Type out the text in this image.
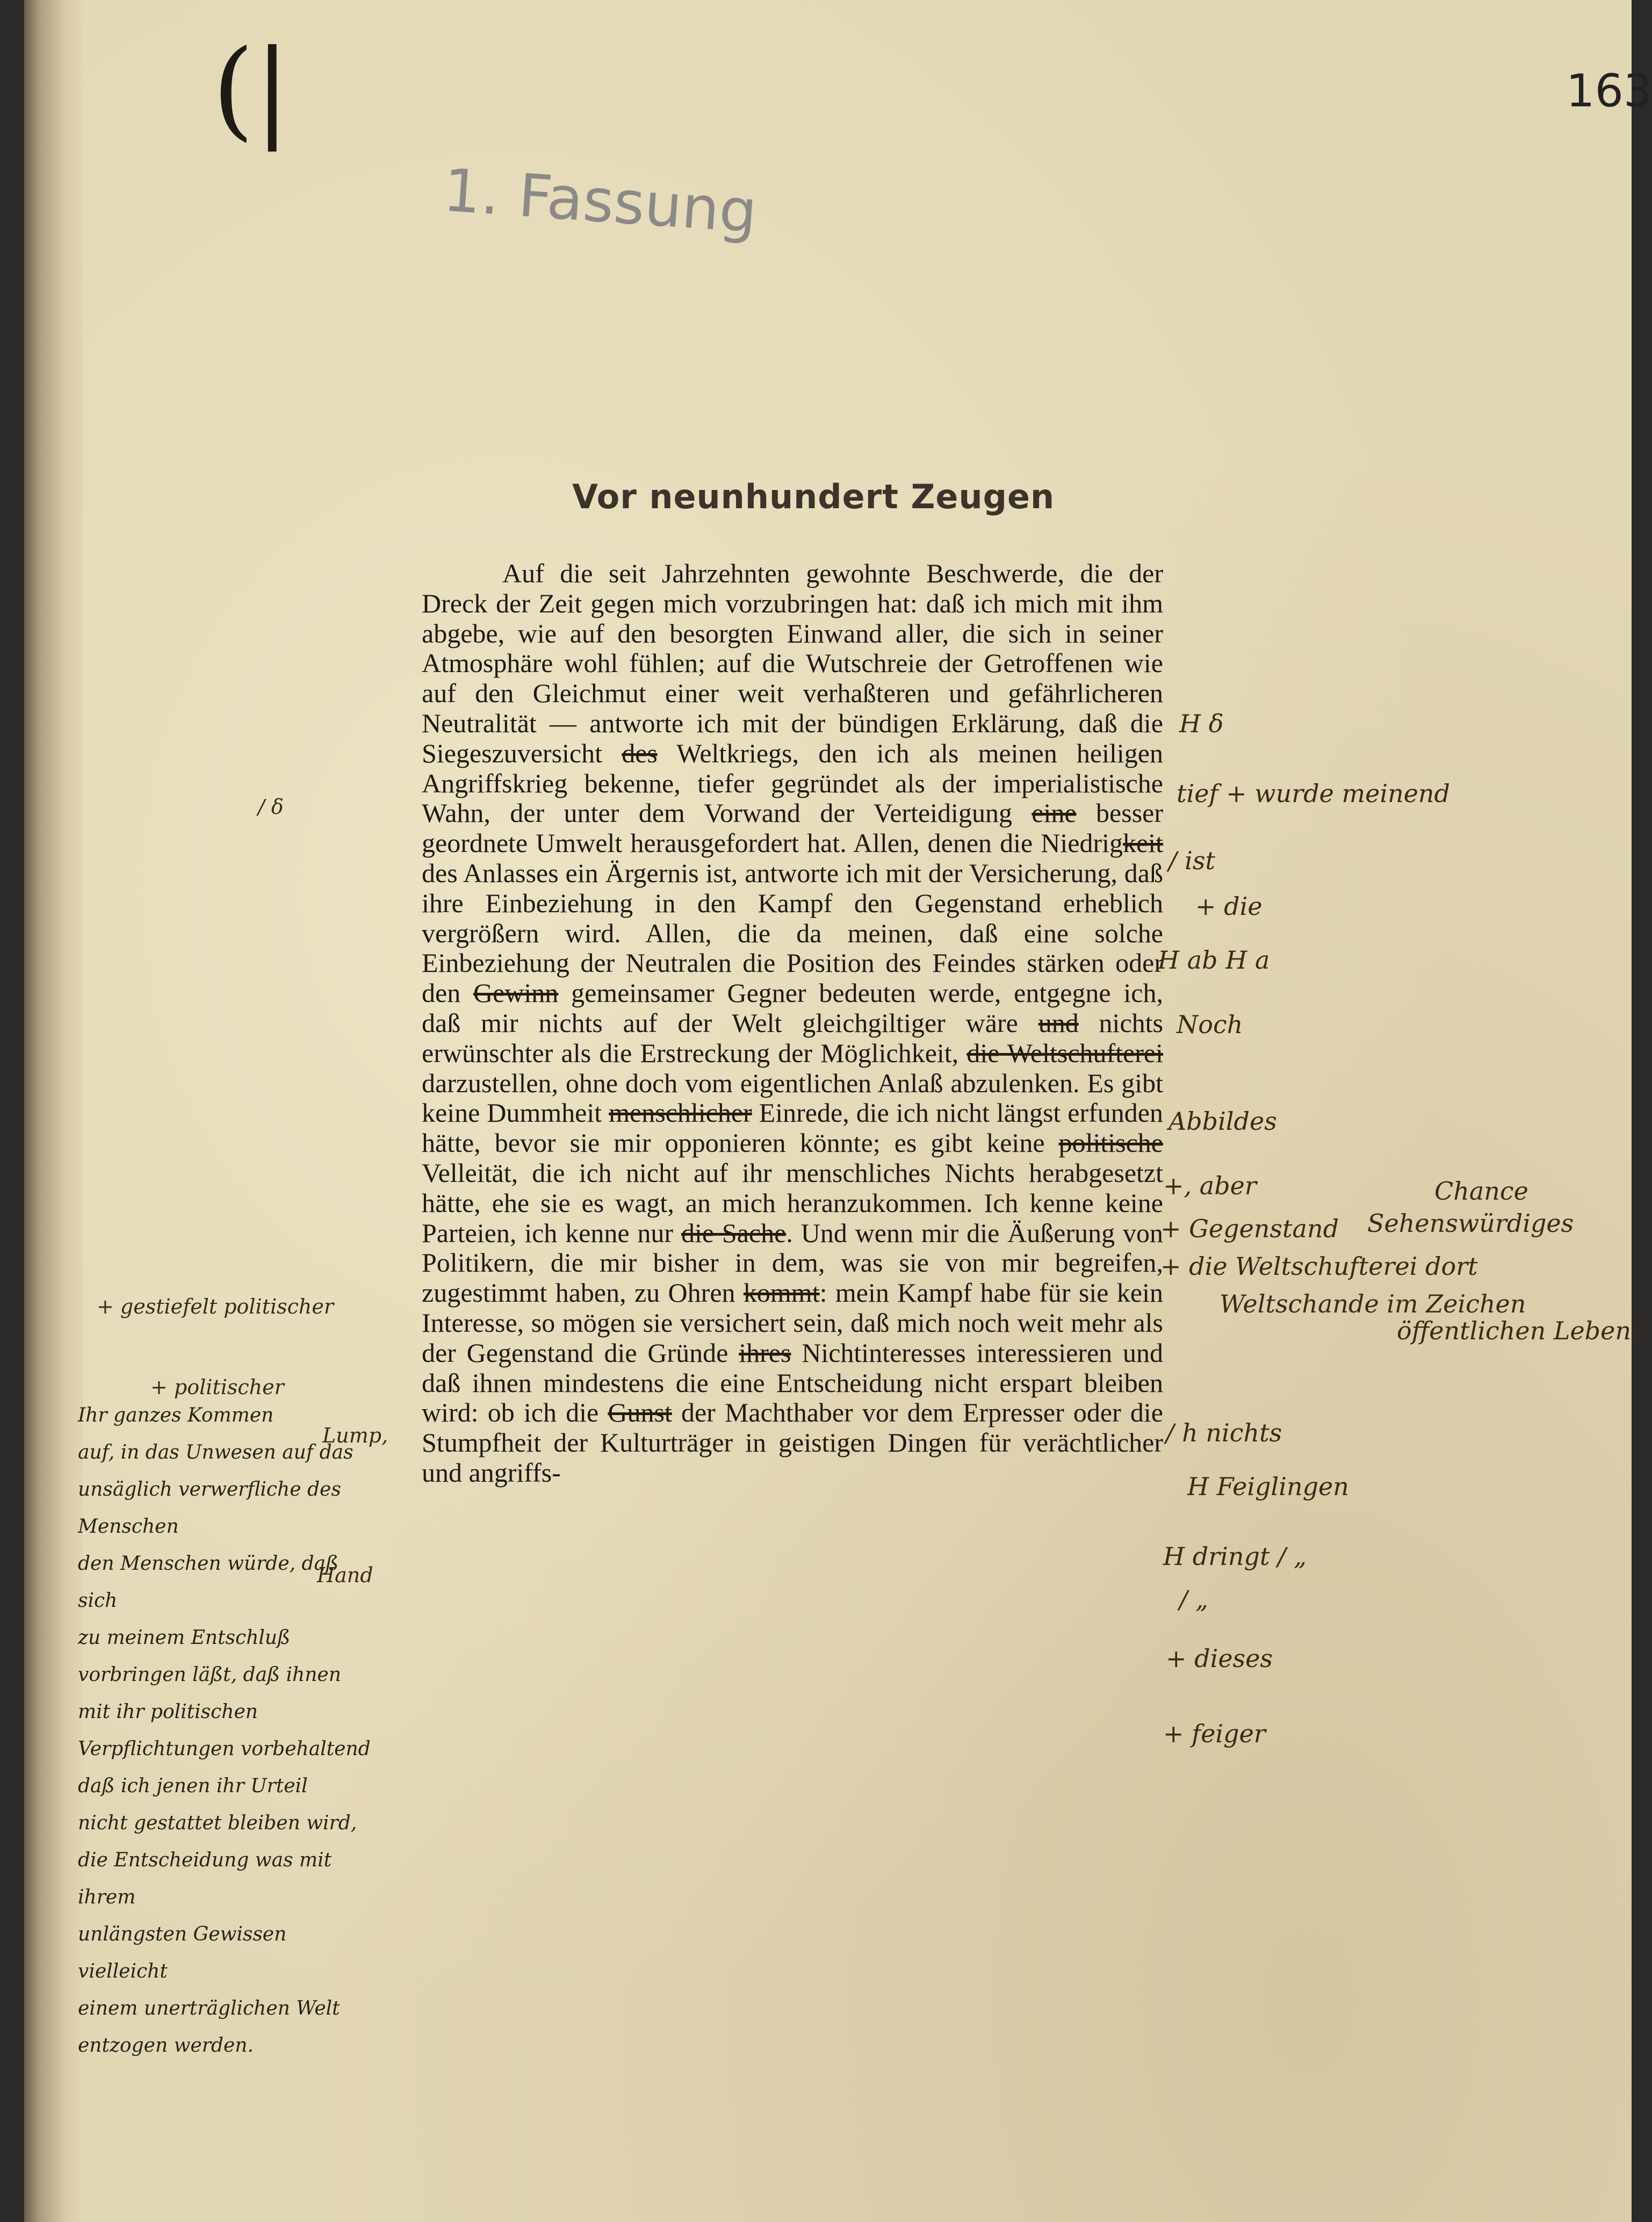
163
(|
1. Fassung
Vor neunhundert Zeugen
Auf die seit Jahrzehnten gewohnte Beschwerde, die der Dreck der Zeit gegen mich vorzubringen hat: daß ich mich mit ihm abgebe, wie auf den besorgten Einwand aller, die sich in seiner Atmosphäre wohl fühlen; auf die Wutschreie der Getroffenen wie auf den Gleichmut einer weit verhaßteren und gefährlicheren Neutralität — antworte ich mit der bündigen Erklärung, daß die Siegeszuversicht des Weltkriegs, den ich als meinen heiligen Angriffskrieg bekenne, tiefer gegründet als der imperialistische Wahn, der unter dem Vorwand der Verteidigung eine besser geordnete Umwelt herausgefordert hat. Allen, denen die Niedrigkeit des Anlasses ein Ärgernis ist, antworte ich mit der Versicherung, daß ihre Einbeziehung in den Kampf den Gegenstand erheblich vergrößern wird. Allen, die da meinen, daß eine solche Einbeziehung der Neutralen die Position des Feindes stärken oder den Gewinn gemeinsamer Gegner bedeuten werde, entgegne ich, daß mir nichts auf der Welt gleichgiltiger wäre und nichts erwünschter als die Erstreckung der Möglichkeit, die Weltschufterei darzustellen, ohne doch vom eigentlichen Anlaß abzulenken. Es gibt keine Dummheit menschlicher Einrede, die ich nicht längst erfunden hätte, bevor sie mir opponieren könnte; es gibt keine politische Velleität, die ich nicht auf ihr menschliches Nichts herabgesetzt hätte, ehe sie es wagt, an mich heranzukommen. Ich kenne keine Parteien, ich kenne nur die Sache. Und wenn mir die Äußerung von Politikern, die mir bisher in dem, was sie von mir begreifen, zugestimmt haben, zu Ohren kommt: mein Kampf habe für sie kein Interesse, so mögen sie versichert sein, daß mich noch weit mehr als der Gegenstand die Gründe ihres Nichtinteresses interessieren und daß ihnen mindestens die eine Entscheidung nicht erspart bleiben wird: ob ich die Gunst der Machthaber vor dem Erpresser oder die Stumpfheit der Kulturträger in geistigen Dingen für verächtlicher und angriffs-
H ẟ
tief + wurde meinend
/ ist
+ die
H ab H a
Noch
Abbildes
+, aber	Chance
+ Gegenstand Sehenswürdiges
+ die Weltschufterei dort
Weltschande im Zeichen
öffentlichen Lebens
/ h nichts
H Feiglingen
H dringt / „
/ „
+ dieses
+ feiger
/ ẟ
+ gestiefelt politischer
+ politischer
Lump,
Hand
Ihr ganzes Kommen
auf, in das Unwesen auf das
unsäglich verwerfliche des Menschen
den Menschen würde, daß sich
zu meinem Entschluß
vorbringen läßt, daß ihnen
mit ihr politischen Verpflichtungen vorbehaltend
daß ich jenen ihr Urteil
nicht gestattet bleiben wird,
die Entscheidung was mit ihrem
unlängsten Gewissen vielleicht
einem unerträglichen Welt
entzogen werden.
